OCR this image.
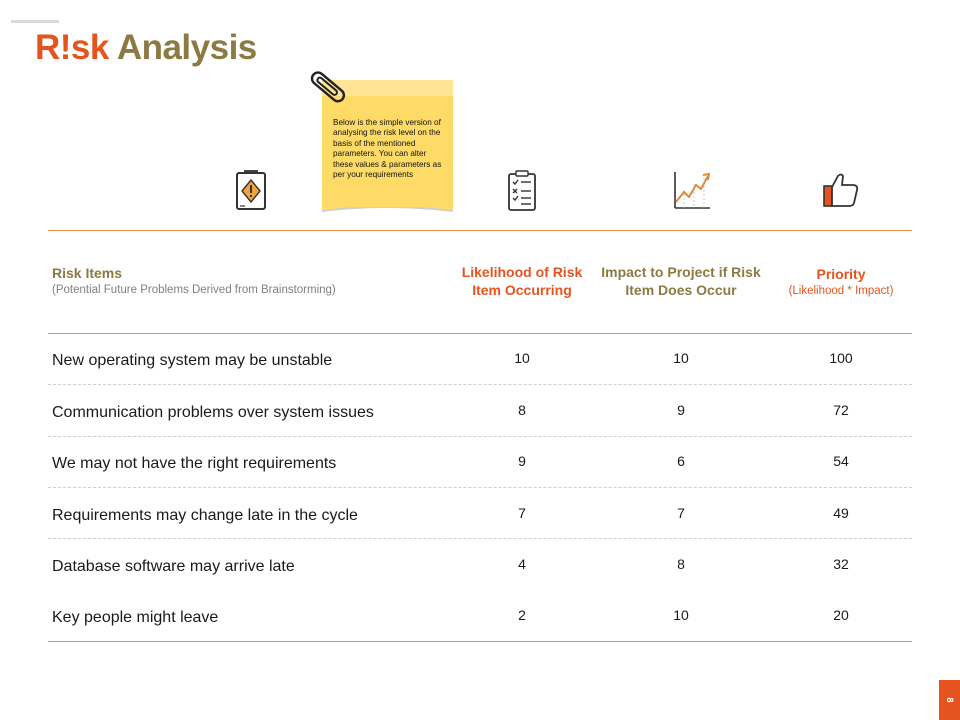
R!sk Analysis
Below is the simple version of analysing the risk level on the basis of the mentioned parameters. You can alter these values & parameters as per your requirements
Risk Items
(Potential Future Problems Derived from Brainstorming)
Likelihood of Risk
Item Occurring
Impact to Project if Risk
Item Does Occur
Priority
(Likelihood * Impact)
New operating system may be unstable	10	10	100
Communication problems over system issues	8	9	72
We may not have the right requirements	9	6	54
Requirements may change late in the cycle	7	7	49
Database software may arrive late	4	8	32
Key people might leave	2	10	20
8
